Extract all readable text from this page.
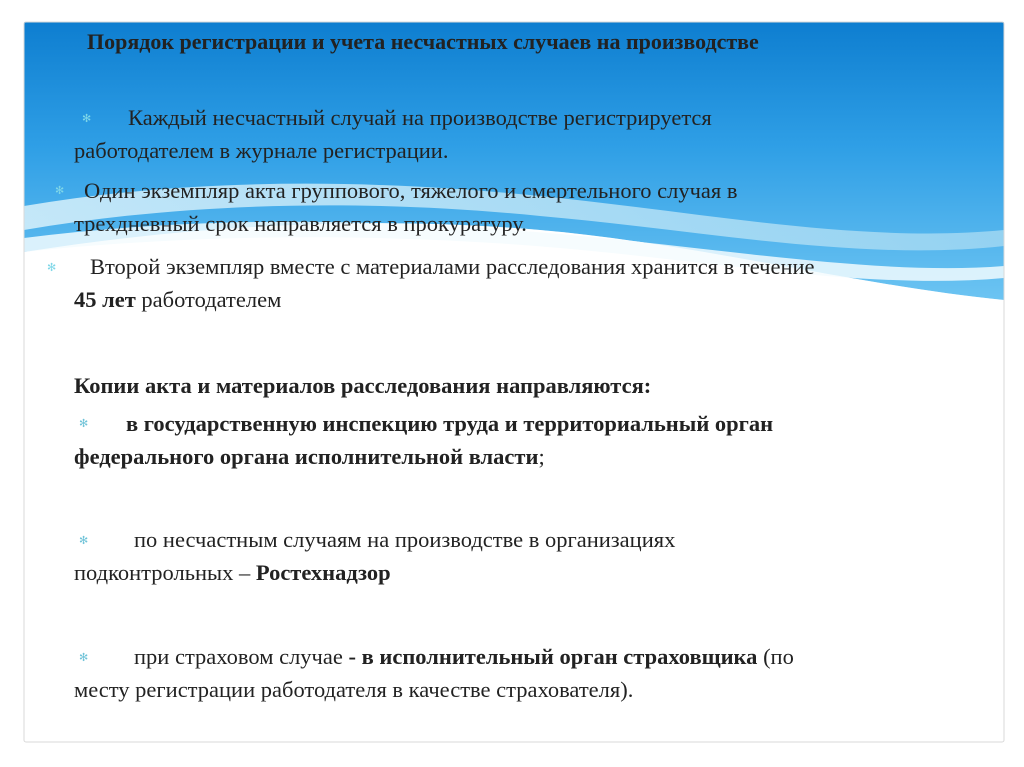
Порядок регистрации и учета несчастных случаев на производстве
✻ Каждый несчастный случай на производстве регистрируется

работодателем в журнале регистрации.

✻ Один экземпляр акта группового, тяжелого и смертельного случая в

трехдневный срок направляется в прокуратуру.

✻ Второй экземпляр вместе с материалами расследования хранится в течение

45 лет работодателем

Копии акта и материалов расследования направляются:

✻ в государственную инспекцию труда и территориальный орган

федерального органа исполнительной власти;

✻ по несчастным случаям на производстве в организациях

подконтрольных – Ростехнадзор

✻ при страховом случае - в исполнительный орган страховщика (по

месту регистрации работодателя в качестве страхователя).
